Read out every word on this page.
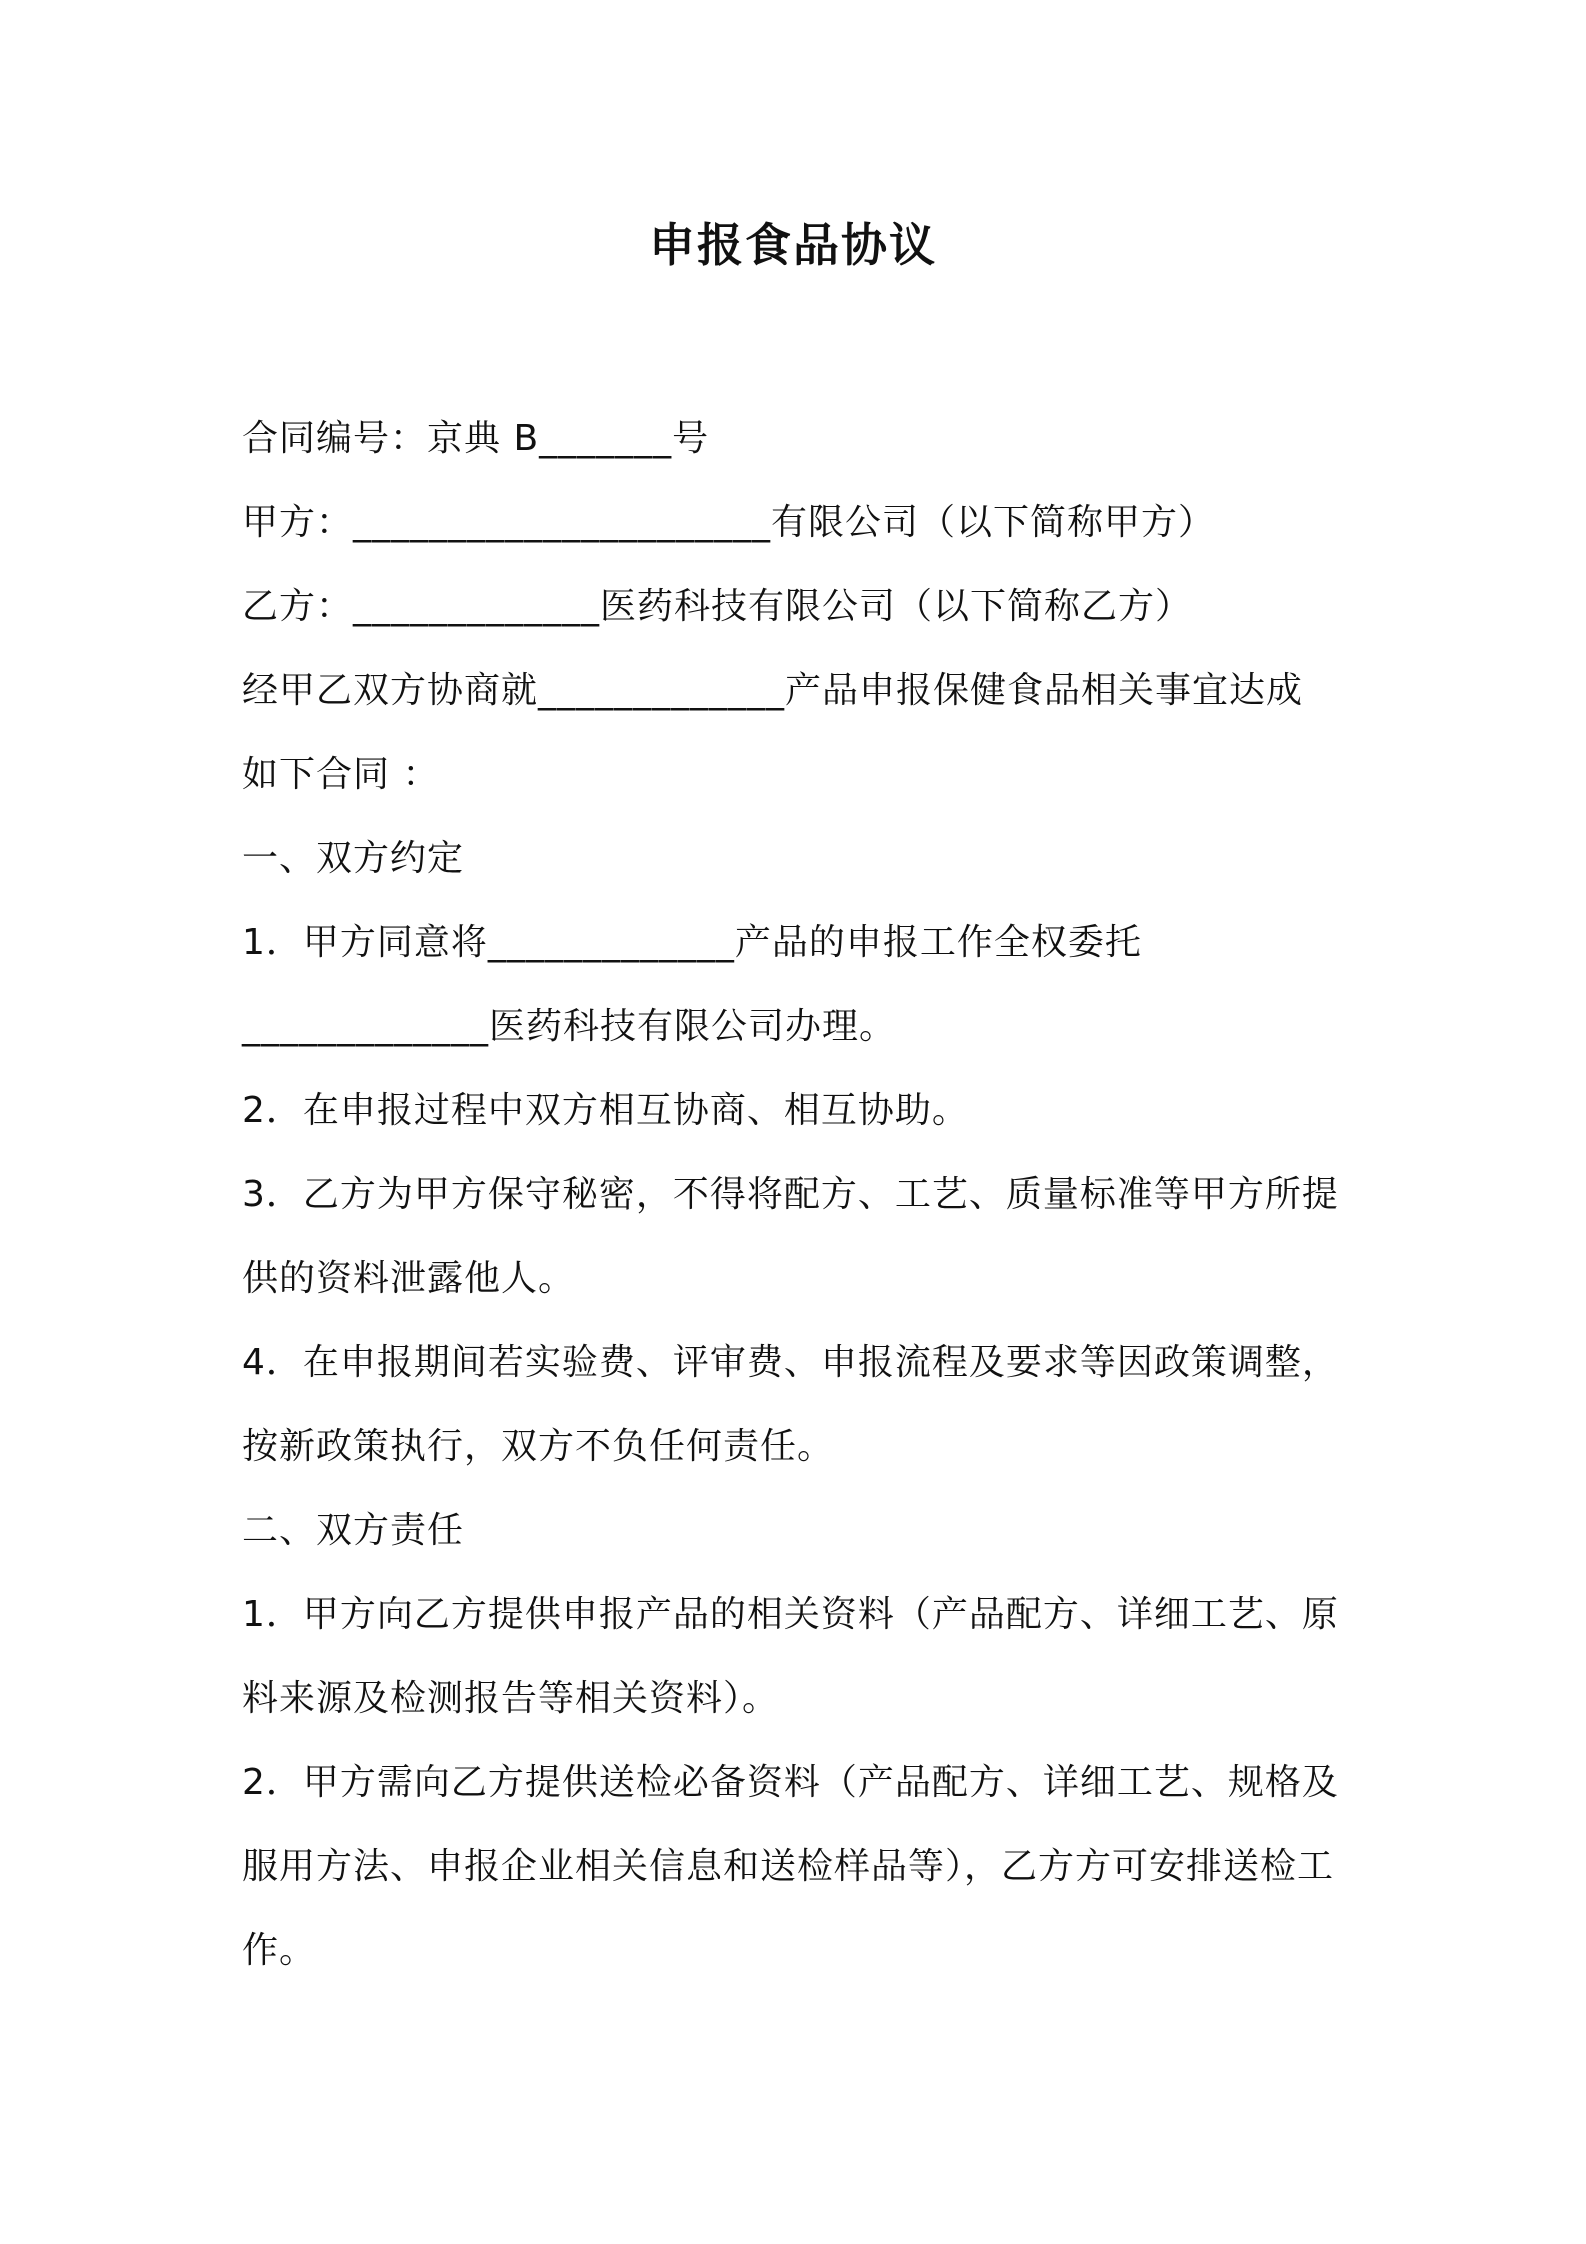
申报食品协议
合同编号：京典 B_______号
甲方：______________________有限公司（以下简称甲方）
乙方：_____________医药科技有限公司（以下简称乙方）
经甲乙双方协商就_____________产品申报保健食品相关事宜达成
如下合同 ：
一、双方约定
1．甲方同意将_____________产品的申报工作全权委托
_____________医药科技有限公司办理。
2．在申报过程中双方相互协商、相互协助。
3．乙方为甲方保守秘密，不得将配方、工艺、质量标准等甲方所提
供的资料泄露他人。
4．在申报期间若实验费、评审费、申报流程及要求等因政策调整，
按新政策执行，双方不负任何责任。
二、双方责任
1．甲方向乙方提供申报产品的相关资料（产品配方、详细工艺、原
料来源及检测报告等相关资料）。
2．甲方需向乙方提供送检必备资料（产品配方、详细工艺、规格及
服用方法、申报企业相关信息和送检样品等），乙方方可安排送检工
作。
